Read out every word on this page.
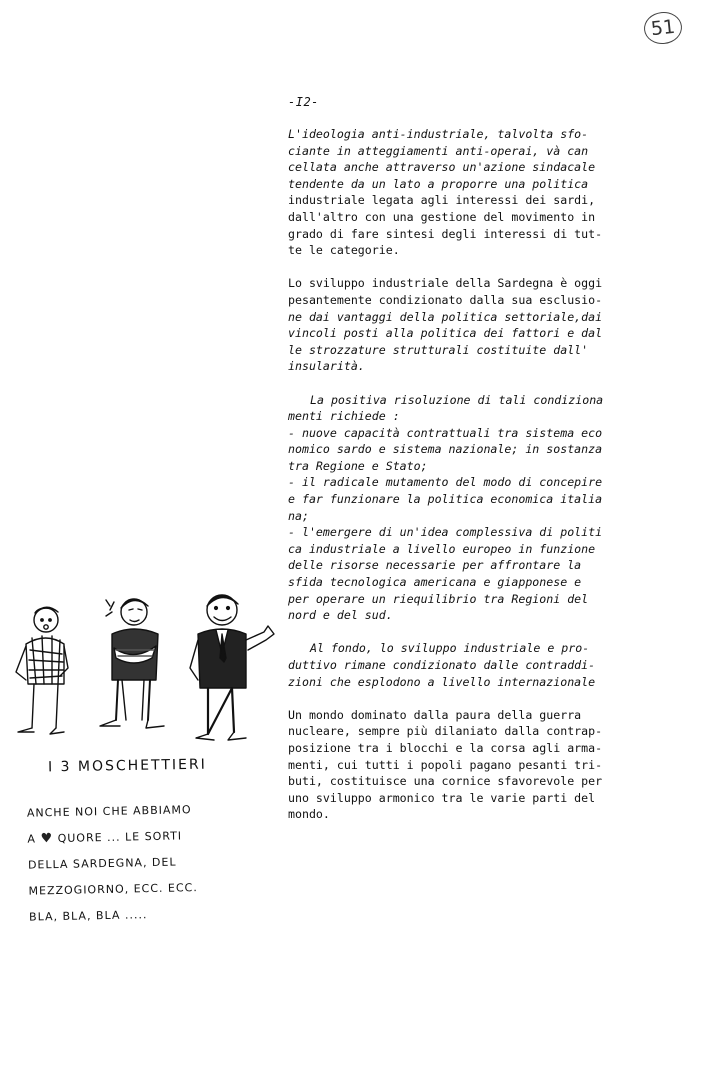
51
-I2-
L'ideologia anti-industriale, talvolta sfo-
ciante in atteggiamenti anti-operai, và can
cellata anche attraverso un'azione sindacale
tendente da un lato a proporre una politica
industriale legata agli interessi dei sardi,
dall'altro con una gestione del movimento in
grado di fare sintesi degli interessi di tut-
te le categorie.
Lo sviluppo industriale della Sardegna è oggi
pesantemente condizionato dalla sua esclusio-
ne dai vantaggi della politica settoriale,dai
vincoli posti alla politica dei fattori e dal
le strozzature strutturali costituite dall'
insularità.
La positiva risoluzione di tali condiziona
menti richiede :
- nuove capacità contrattuali tra sistema eco
nomico sardo e sistema nazionale; in sostanza
tra Regione e Stato;
- il radicale mutamento del modo di concepire
e far funzionare la politica economica italia
na;
- l'emergere di un'idea complessiva di politi
ca industriale a livello europeo in funzione
delle risorse necessarie per affrontare la
sfida tecnologica americana e giapponese e
per operare un riequilibrio tra Regioni del
nord e del sud.
Al fondo, lo sviluppo industriale e pro-
duttivo rimane condizionato dalle contraddi-
zioni che esplodono a livello internazionale
Un mondo dominato dalla paura della guerra
nucleare, sempre più dilaniato dalla contrap-
posizione tra i blocchi e la corsa agli arma-
menti, cui tutti i popoli pagano pesanti tri-
buti, costituisce una cornice sfavorevole per
uno sviluppo armonico tra le varie parti del
mondo.
I 3 MOSCHETTIERI
ANCHE NOI CHE ABBIAMO
A ♥ QUORE ... LE SORTI
DELLA SARDEGNA, DEL
MEZZOGIORNO, ECC. ECC.
BLA, BLA, BLA .....
